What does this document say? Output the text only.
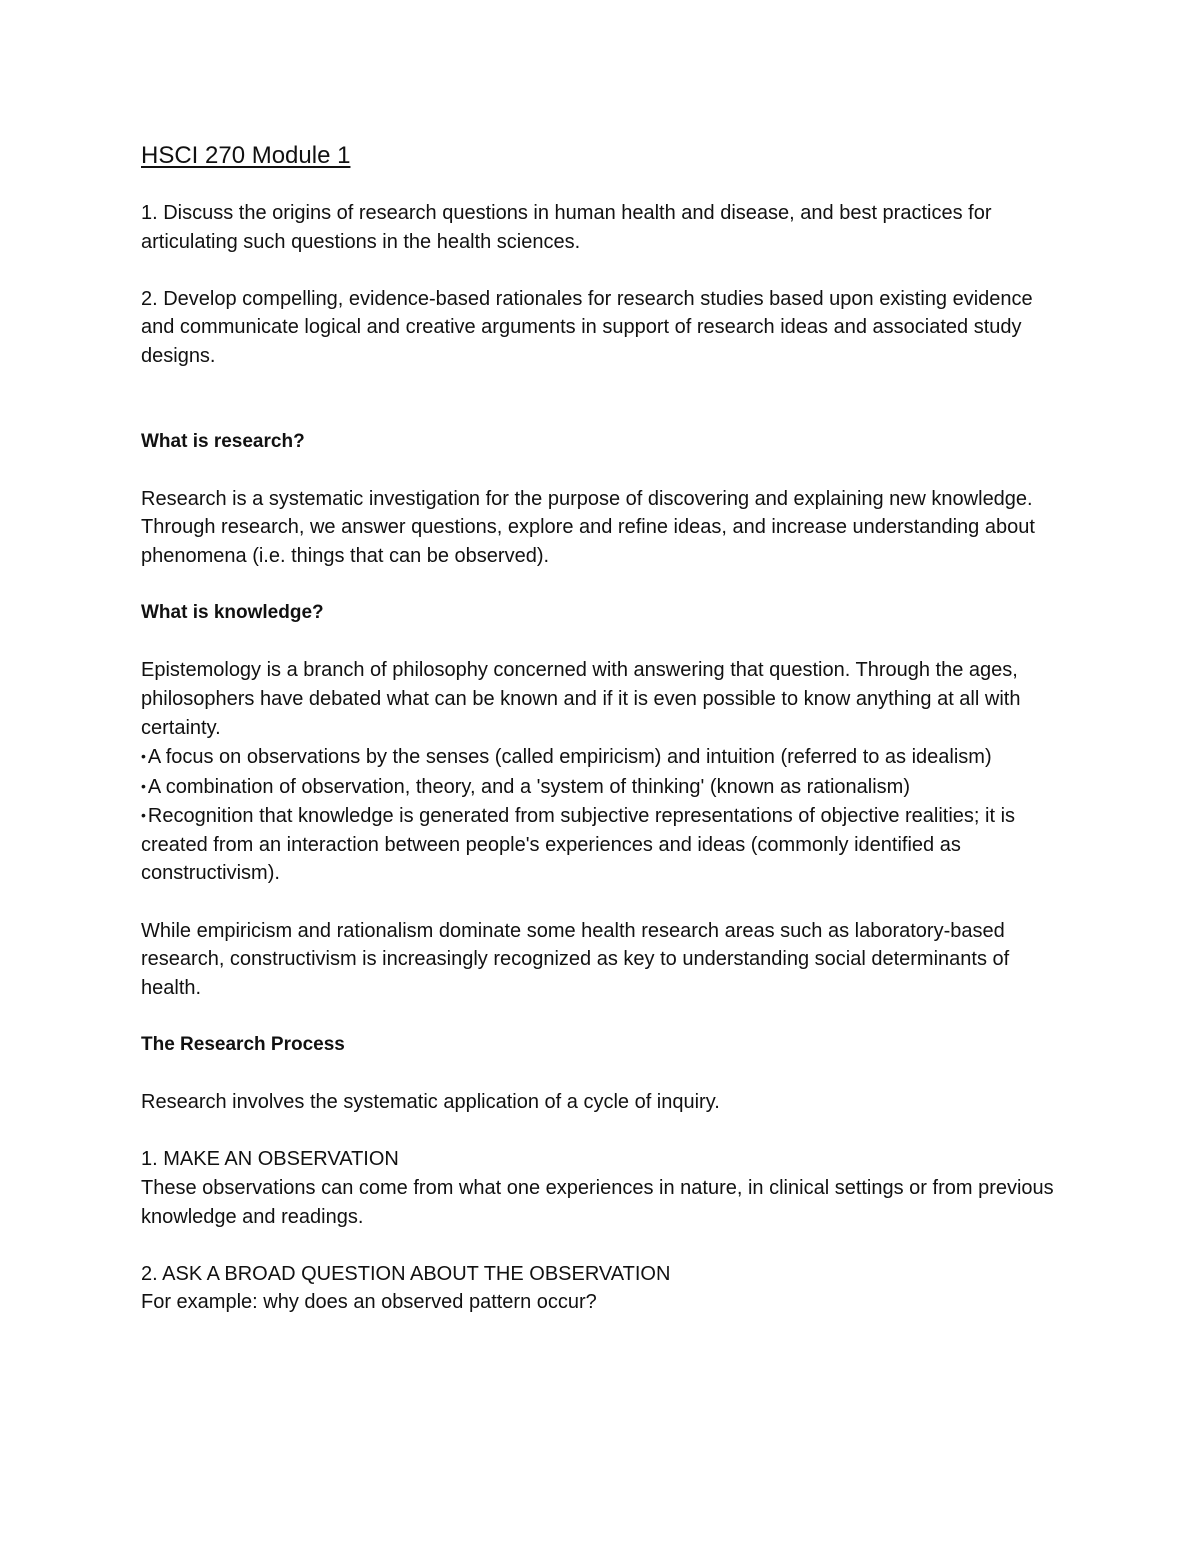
HSCI 270 Module 1

1. Discuss the origins of research questions in human health and disease, and best practices for articulating such questions in the health sciences.

2. Develop compelling, evidence-based rationales for research studies based upon existing evidence and communicate logical and creative arguments in support of research ideas and associated study designs.

What is research?

Research is a systematic investigation for the purpose of discovering and explaining new knowledge. Through research, we answer questions, explore and refine ideas, and increase understanding about phenomena (i.e. things that can be observed).

What is knowledge?

Epistemology is a branch of philosophy concerned with answering that question. Through the ages, philosophers have debated what can be known and if it is even possible to know anything at all with certainty.

• A focus on observations by the senses (called empiricism) and intuition (referred to as idealism)
• A combination of observation, theory, and a 'system of thinking' (known as rationalism)
• Recognition that knowledge is generated from subjective representations of objective realities; it is created from an interaction between people's experiences and ideas (commonly identified as constructivism).

While empiricism and rationalism dominate some health research areas such as laboratory-based research, constructivism is increasingly recognized as key to understanding social determinants of health.

The Research Process

Research involves the systematic application of a cycle of inquiry.

1. MAKE AN OBSERVATION

These observations can come from what one experiences in nature, in clinical settings or from previous knowledge and readings.

2. ASK A BROAD QUESTION ABOUT THE OBSERVATION

For example: why does an observed pattern occur?
